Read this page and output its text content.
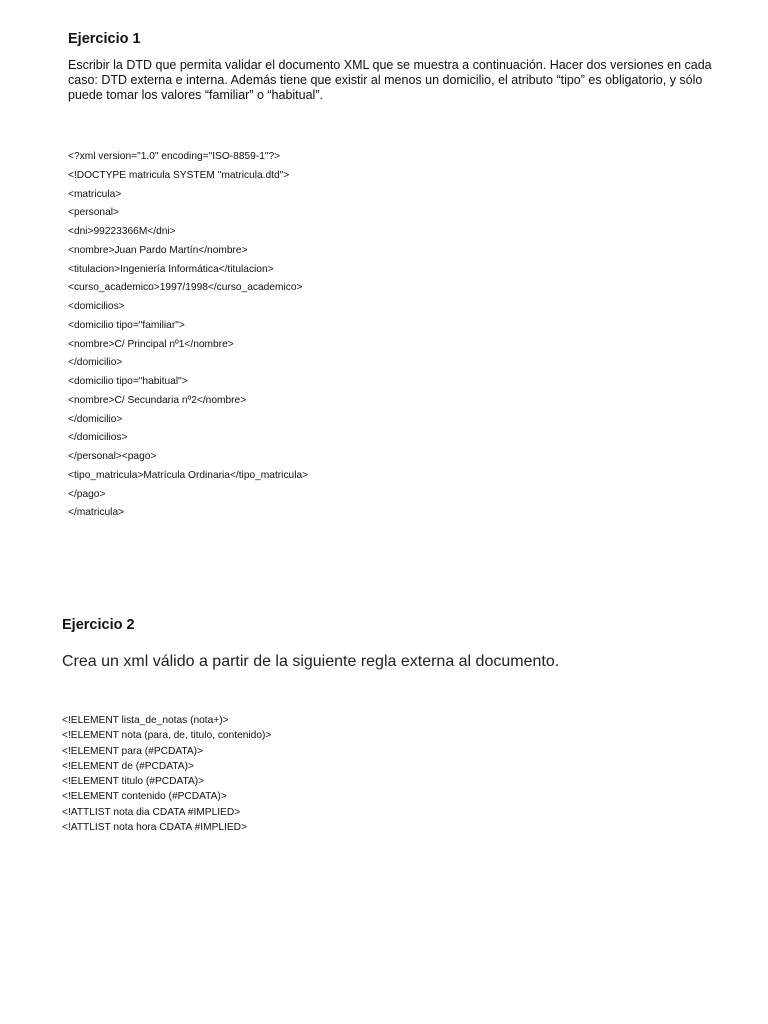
Ejercicio 1
Escribir la DTD que permita validar el documento XML que se muestra a continuación. Hacer dos versiones en cada caso: DTD externa e interna. Además tiene que existir al menos un domicilio, el atributo “tipo” es obligatorio, y sólo puede tomar los valores “familiar” o “habitual”.
<?xml version="1.0" encoding="ISO-8859-1"?>
<!DOCTYPE matricula SYSTEM "matricula.dtd">
<matricula>
<personal>
<dni>99223366M</dni>
<nombre>Juan Pardo Martín</nombre>
<titulacion>Ingeniería Informática</titulacion>
<curso_academico>1997/1998</curso_academico>
<domicilios>
<domicilio tipo="familiar">
<nombre>C/ Principal nº1</nombre>
</domicilio>
<domicilio tipo="habitual">
<nombre>C/ Secundaria nº2</nombre>
</domicilio>
</domicilios>
</personal><pago>
<tipo_matricula>Matrícula Ordinaria</tipo_matricula>
</pago>
</matricula>
Ejercicio 2
Crea un xml válido a partir de la siguiente regla externa al documento.
<!ELEMENT lista_de_notas (nota+)>
<!ELEMENT nota (para, de, titulo, contenido)>
<!ELEMENT para (#PCDATA)>
<!ELEMENT de (#PCDATA)>
<!ELEMENT titulo (#PCDATA)>
<!ELEMENT contenido (#PCDATA)>
<!ATTLIST nota dia CDATA #IMPLIED>
<!ATTLIST nota hora CDATA #IMPLIED>
